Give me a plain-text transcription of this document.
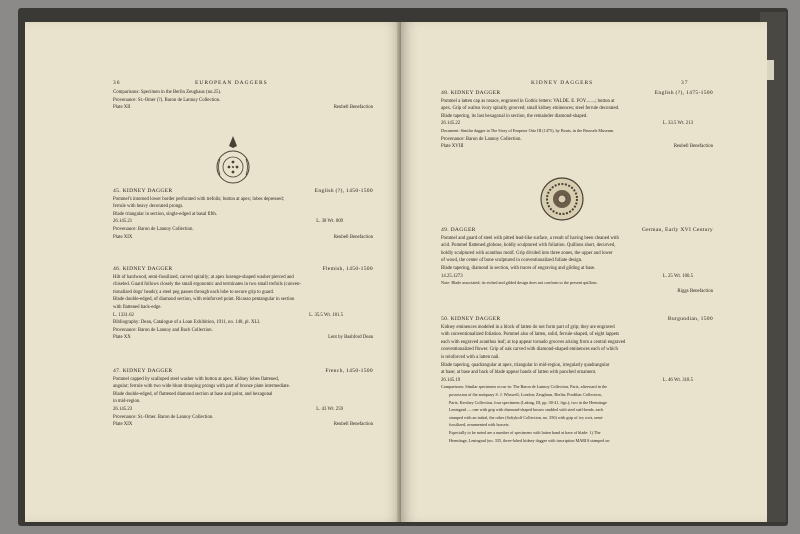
36	EUROPEAN DAGGERS
Comparisons: Specimen in the Berlin Zeughaus (no.25).
Provenance: St.-Omer (?). Baron de Lannoy Collection.
Plate XII	Reubell Benefaction
45. KIDNEY DAGGER	English (?), 1450-1500
Pommel's intorned lower border perforated with trefoils; button at apex; lobes depressed;
ferrule with heavy decorated prongs.
Blade triangular in section, single-edged at basal fifth.
26.145.21	L. 38 Wt. 009
Provenance: Baron de Lannoy Collection.
Plate XIX	Reubell Benefaction
46. KIDNEY DAGGER	Flemish, 1450-1500
Hilt of hardwood, semi-fossilized, carved spirally; at apex lozenge-shaped washer pierced and
chiseled. Guard follows closely the small ergonomic and terminates in two small trefoils (conven-
tionalized dogs' heads); a steel peg passes through each lobe to secure grip to guard.
Blade double-edged, of diamond section, with reinforced point. Ricasso pentangular in section
with flattened back-edge.
L. 1331.62	L. 35.5 Wt. 181.5
Bibliography: Dean, Catalogue of a Loan Exhibition, 1911, no. 148, pl. XLI.
Provenance: Baron de Lannoy and Bach Collection.
Plate XX	Lent by Bashford Dean
47. KIDNEY DAGGER	French, 1450-1500
Pommel capped by scalloped steel washer with button at apex. Kidney lobes flattened,
angular; ferrule with two wide blunt drooping prongs with part of bronze plate intermediate.
Blade double-edged, of flattened diamond section at base and point, and hexagonal
in mid-region.
26.145.23	L. 43 Wt. 259
Provenance: St.-Omer. Baron de Lannoy Collection.
Plate XIX	Reubell Benefaction
KIDNEY DAGGERS	37
48. KIDNEY DAGGER	English (?), 1475-1500
Pommel a latten cap as rosace, engraved in Gothic letters: VALDE. E. FOY........; button at
apex. Grip of walrus ivory spirally grooved; small kidney eminences; steel ferrule decorated.
Blade tapering, its last hexagonal in section, the remainder diamond-shaped.
26.145.22	L. 33.5 Wt. 213
Document: Similar dagger in The Story of Emperor Otto III (1475), by Bouts, in the Brussels Museum.
Provenance: Baron de Lannoy Collection.
Plate XVIII	Reubell Benefaction
49. DAGGER	German, Early XVI Century
Pommel and guard of steel with pitted lead-like surface, a result of having been cleaned with
acid. Pommel flattened globose, boldly sculptured with foliation. Quillons short, decurved,
boldly sculptured with acanthus motif. Grip divided into three zones, the upper and lower
of wood, the center of bone sculptured in conventionalized foliate design.
Blade tapering, diamond in section, with traces of engraving and gilding at base.
14.25.1273	L. 25 Wt. 100.5
Note: Blade associated; its etched and gilded design does not conform to the present quillons.
Riggs Benefaction
50. KIDNEY DAGGER	Burgundian, 1500
Kidney eminences modeled in a block of latten do not form part of grip; they are engraved
with conventionalized foliation. Pommel also of latten, solid, ferrule-shaped, of eight lappets
each with engraved acanthus leaf; at top appear tornado grooves arising from a central engraved
conventionalized flower. Grip of oak carved with diamond-shaped eminences each of which
is reinforced with a latten nail.
Blade tapering, quadrangular at apex, triangular in mid-region, irregularly quadrangular
at base; at base and back of blade appear bands of latten with punched ornament.
26.145.19	L. 46 Wt. 318.5
Comparisons: Similar specimens occur in: The Baron de Lannoy Collection, Paris, afterward in the
possession of the antiquary S. J. Whawell, London; Zeughaus, Berlin; Posdihac Collection,
Paris; Kershey Collection, four specimens (Laking, III, pp. 38-41, figs.); two in the Hermitage
Leningrad — one with grip with diamond-shaped bosses studded with steel nail-heads, each
stamped with an initial, the other (Soltykoff Collection, no. 350) with grip of ivy root, semi-
fossilized, ornamented with bossets.
Especially to be noted are a number of specimens with latten band at base of blade: 1) The
Hermitage, Leningrad (no. 335, three-lobed kidney dagger with inscription MARIA stamped on
